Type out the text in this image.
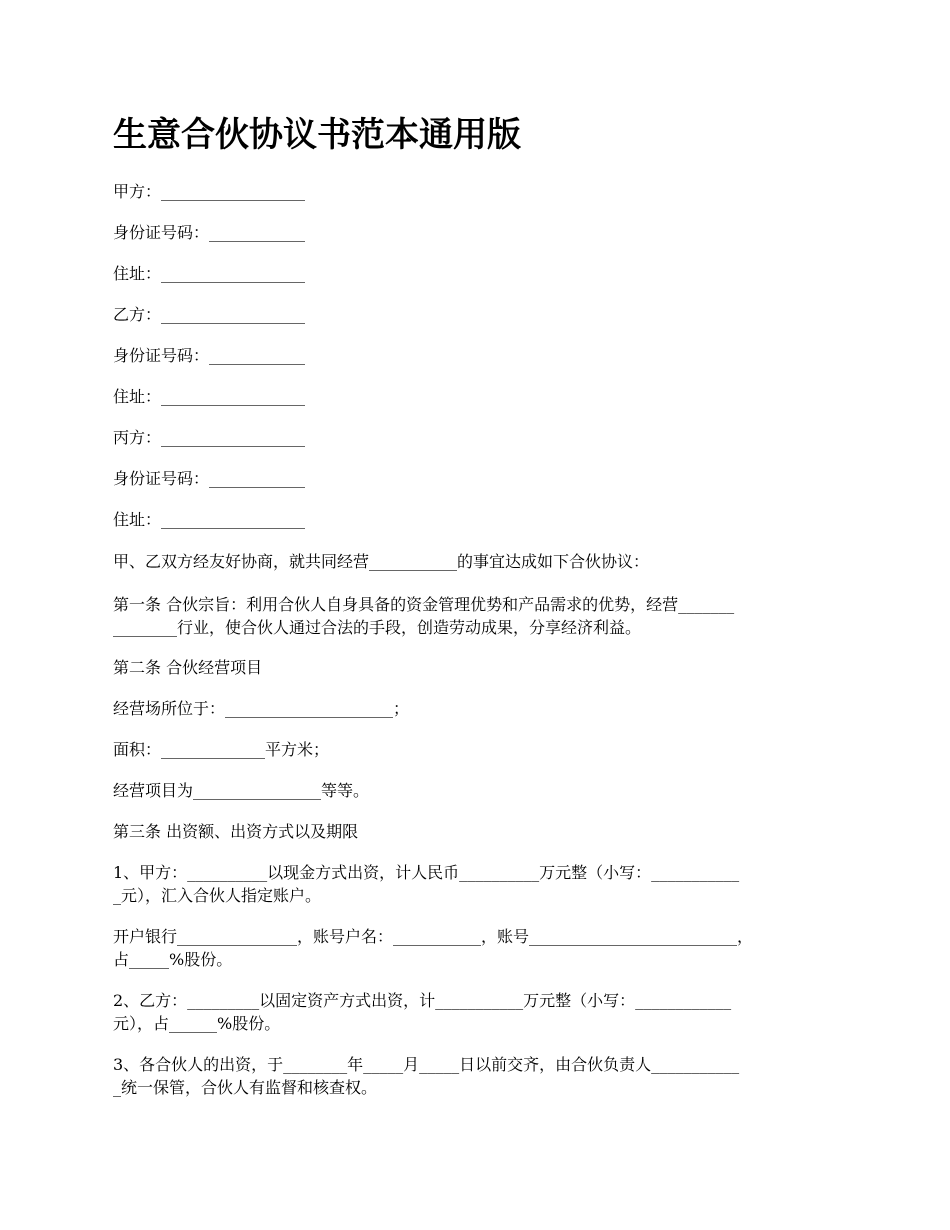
生意合伙协议书范本通用版

甲方：__________________

身份证号码：____________

住址：__________________

乙方：__________________

身份证号码：____________

住址：__________________

丙方：__________________

身份证号码：____________

住址：__________________

甲、乙双方经友好协商，就共同经营___________的事宜达成如下合伙协议：

第一条 合伙宗旨：利用合伙人自身具备的资金管理优势和产品需求的优势，经营_______

________行业，使合伙人通过合法的手段，创造劳动成果，分享经济利益。

第二条 合伙经营项目

经营场所位于：_____________________；

面积：_____________平方米；

经营项目为________________等等。

第三条 出资额、出资方式以及期限

1、甲方：__________以现金方式出资，计人民币__________万元整（小写：___________

_元），汇入合伙人指定账户。

开户银行_______________，账号户名：___________，账号__________________________，

占_____%股份。

2、乙方：_________以固定资产方式出资，计___________万元整（小写：____________

元），占______%股份。

3、各合伙人的出资，于________年_____月_____日以前交齐，由合伙负责人___________

_统一保管，合伙人有监督和核查权。
